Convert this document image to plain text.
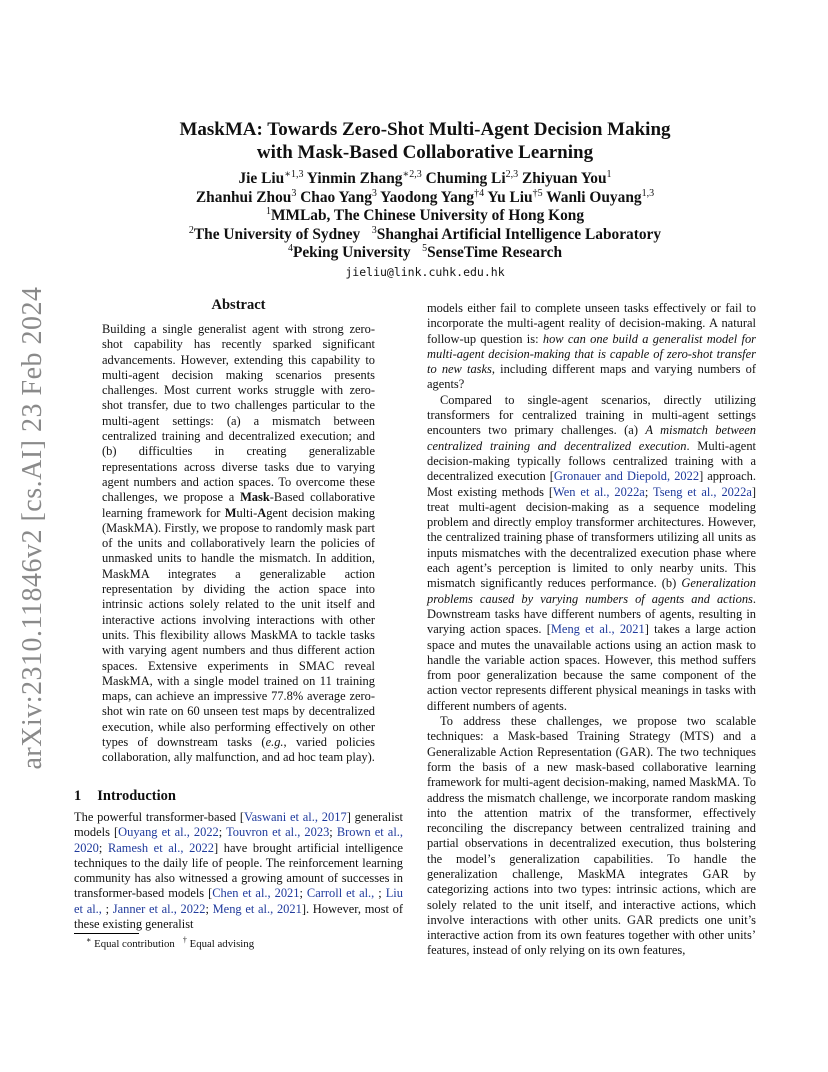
arXiv:2310.11846v2 [cs.AI] 23 Feb 2024
MaskMA: Towards Zero-Shot Multi-Agent Decision Making
with Mask-Based Collaborative Learning
Jie Liu$^{∗1,3}$ Yinmin Zhang$^{∗2,3}$ Chuming Li$^{2,3}$ Zhiyuan You$^1$
Zhanhui Zhou$^3$ Chao Yang$^3$ Yaodong Yang$^{\dagger 4}$ Yu Liu$^{\dagger 5}$ Wanli Ouyang$^{1,3}$
$^1$MMLab, The Chinese University of Hong Kong
$^2$The University of Sydney $^3$Shanghai Artificial Intelligence Laboratory
$^4$Peking University $^5$SenseTime Research
jieliu@link.cuhk.edu.hk
Abstract
Building a single generalist agent with strong zero-shot capability has recently sparked significant advancements. However, extending this capability to multi-agent decision making scenarios presents challenges. Most current works struggle with zero-shot transfer, due to two challenges particular to the multi-agent settings: (a) a mismatch between centralized training and decentralized execution; and (b) difficulties in creating generalizable representations across diverse tasks due to varying agent numbers and action spaces. To overcome these challenges, we propose a Mask-Based collaborative learning framework for Multi-Agent decision making (MaskMA). Firstly, we propose to randomly mask part of the units and collaboratively learn the policies of unmasked units to handle the mismatch. In addition, MaskMA integrates a generalizable action representation by dividing the action space into intrinsic actions solely related to the unit itself and interactive actions involving interactions with other units. This flexibility allows MaskMA to tackle tasks with varying agent numbers and thus different action spaces. Extensive experiments in SMAC reveal MaskMA, with a single model trained on 11 training maps, can achieve an impressive 77.8% average zero-shot win rate on 60 unseen test maps by decentralized execution, while also performing effectively on other types of downstream tasks (e.g., varied policies collaboration, ally malfunction, and ad hoc team play).
1 Introduction

The powerful transformer-based [Vaswani et al., 2017] generalist models [Ouyang et al., 2022; Touvron et al., 2023; Brown et al., 2020; Ramesh et al., 2022] have brought artificial intelligence techniques to the daily life of people. The reinforcement learning community has also witnessed a growing amount of successes in transformer-based models [Chen et al., 2021; Carroll et al., ; Liu et al., ; Janner et al., 2022; Meng et al., 2021]. However, most of these existing generalist

∗ Equal contribution † Equal advising

models either fail to complete unseen tasks effectively or fail to incorporate the multi-agent reality of decision-making. A natural follow-up question is: how can one build a generalist model for multi-agent decision-making that is capable of zero-shot transfer to new tasks, including different maps and varying numbers of agents?

Compared to single-agent scenarios, directly utilizing transformers for centralized training in multi-agent settings encounters two primary challenges. (a) A mismatch between centralized training and decentralized execution. Multi-agent decision-making typically follows centralized training with a decentralized execution [Gronauer and Diepold, 2022] approach. Most existing methods [Wen et al., 2022a; Tseng et al., 2022a] treat multi-agent decision-making as a sequence modeling problem and directly employ transformer architectures. However, the centralized training phase of transformers utilizing all units as inputs mismatches with the decentralized execution phase where each agent’s perception is limited to only nearby units. This mismatch significantly reduces performance. (b) Generalization problems caused by varying numbers of agents and actions. Downstream tasks have different numbers of agents, resulting in varying action spaces. [Meng et al., 2021] takes a large action space and mutes the unavailable actions using an action mask to handle the variable action spaces. However, this method suffers from poor generalization because the same component of the action vector represents different physical meanings in tasks with different numbers of agents.

To address these challenges, we propose two scalable techniques: a Mask-based Training Strategy (MTS) and a Generalizable Action Representation (GAR). The two techniques form the basis of a new mask-based collaborative learning framework for multi-agent decision-making, named MaskMA. To address the mismatch challenge, we incorporate random masking into the attention matrix of the transformer, effectively reconciling the discrepancy between centralized training and partial observations in decentralized execution, thus bolstering the model’s generalization capabilities. To handle the generalization challenge, MaskMA integrates GAR by categorizing actions into two types: intrinsic actions, which are solely related to the unit itself, and interactive actions, which involve interactions with other units. GAR predicts one unit’s interactive action from its own features together with other units’ features, instead of only relying on its own features,
